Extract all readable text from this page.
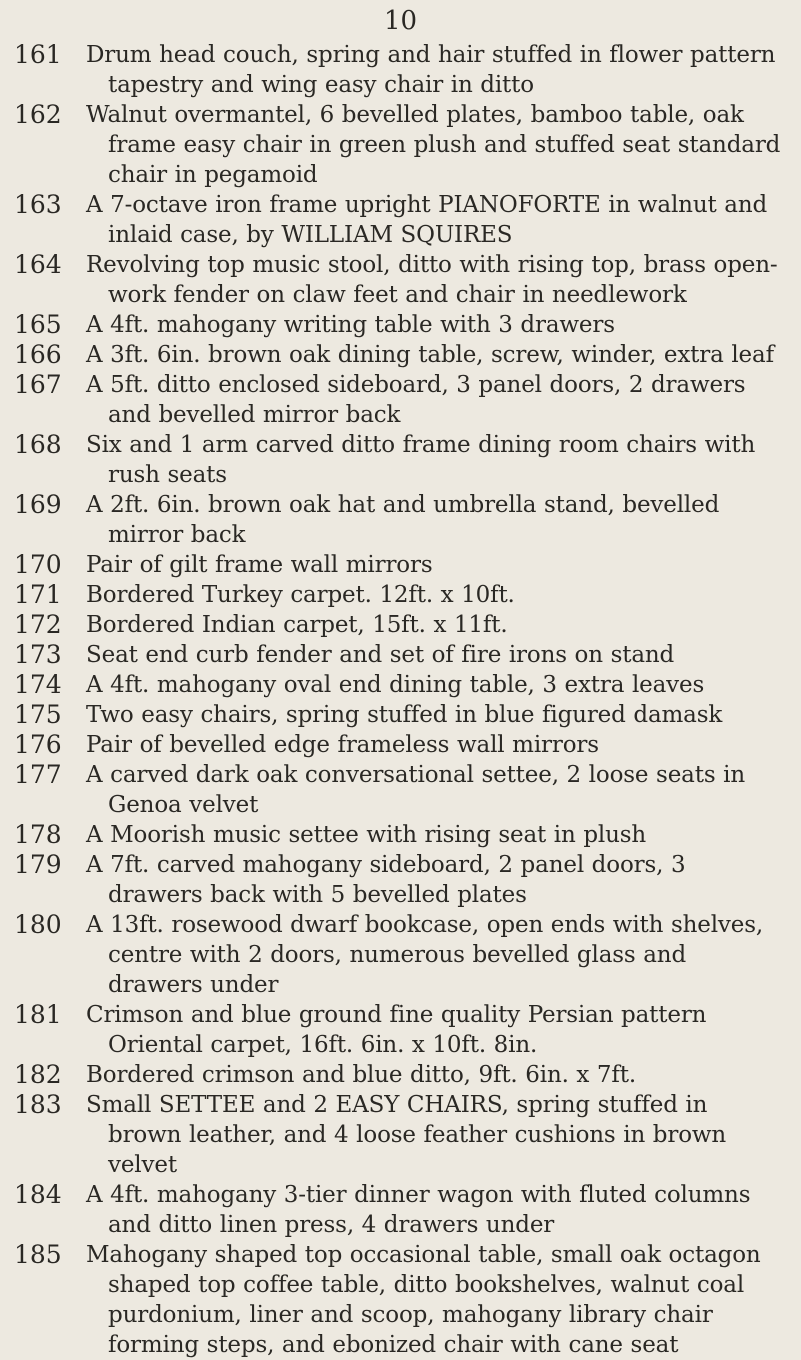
10
161 Drum head couch, spring and hair stuffed in flower pattern tapestry and wing easy chair in ditto
162 Walnut overmantel, 6 bevelled plates, bamboo table, oak frame easy chair in green plush and stuffed seat standard chair in pegamoid
163 A 7-octave iron frame upright PIANOFORTE in walnut and inlaid case, by WILLIAM SQUIRES
164 Revolving top music stool, ditto with rising top, brass open-work fender on claw feet and chair in needlework
165 A 4ft. mahogany writing table with 3 drawers
166 A 3ft. 6in. brown oak dining table, screw, winder, extra leaf
167 A 5ft. ditto enclosed sideboard, 3 panel doors, 2 drawers and bevelled mirror back
168 Six and 1 arm carved ditto frame dining room chairs with rush seats
169 A 2ft. 6in. brown oak hat and umbrella stand, bevelled mirror back
170 Pair of gilt frame wall mirrors
171 Bordered Turkey carpet. 12ft. x 10ft.
172 Bordered Indian carpet, 15ft. x 11ft.
173 Seat end curb fender and set of fire irons on stand
174 A 4ft. mahogany oval end dining table, 3 extra leaves
175 Two easy chairs, spring stuffed in blue figured damask
176 Pair of bevelled edge frameless wall mirrors
177 A carved dark oak conversational settee, 2 loose seats in Genoa velvet
178 A Moorish music settee with rising seat in plush
179 A 7ft. carved mahogany sideboard, 2 panel doors, 3 drawers back with 5 bevelled plates
180 A 13ft. rosewood dwarf bookcase, open ends with shelves, centre with 2 doors, numerous bevelled glass and drawers under
181 Crimson and blue ground fine quality Persian pattern Oriental carpet, 16ft. 6in. x 10ft. 8in.
182 Bordered crimson and blue ditto, 9ft. 6in. x 7ft.
183 Small SETTEE and 2 EASY CHAIRS, spring stuffed in brown leather, and 4 loose feather cushions in brown velvet
184 A 4ft. mahogany 3-tier dinner wagon with fluted columns and ditto linen press, 4 drawers under
185 Mahogany shaped top occasional table, small oak octagon shaped top coffee table, ditto bookshelves, walnut coal purdonium, liner and scoop, mahogany library chair forming steps, and ebonized chair with cane seat
